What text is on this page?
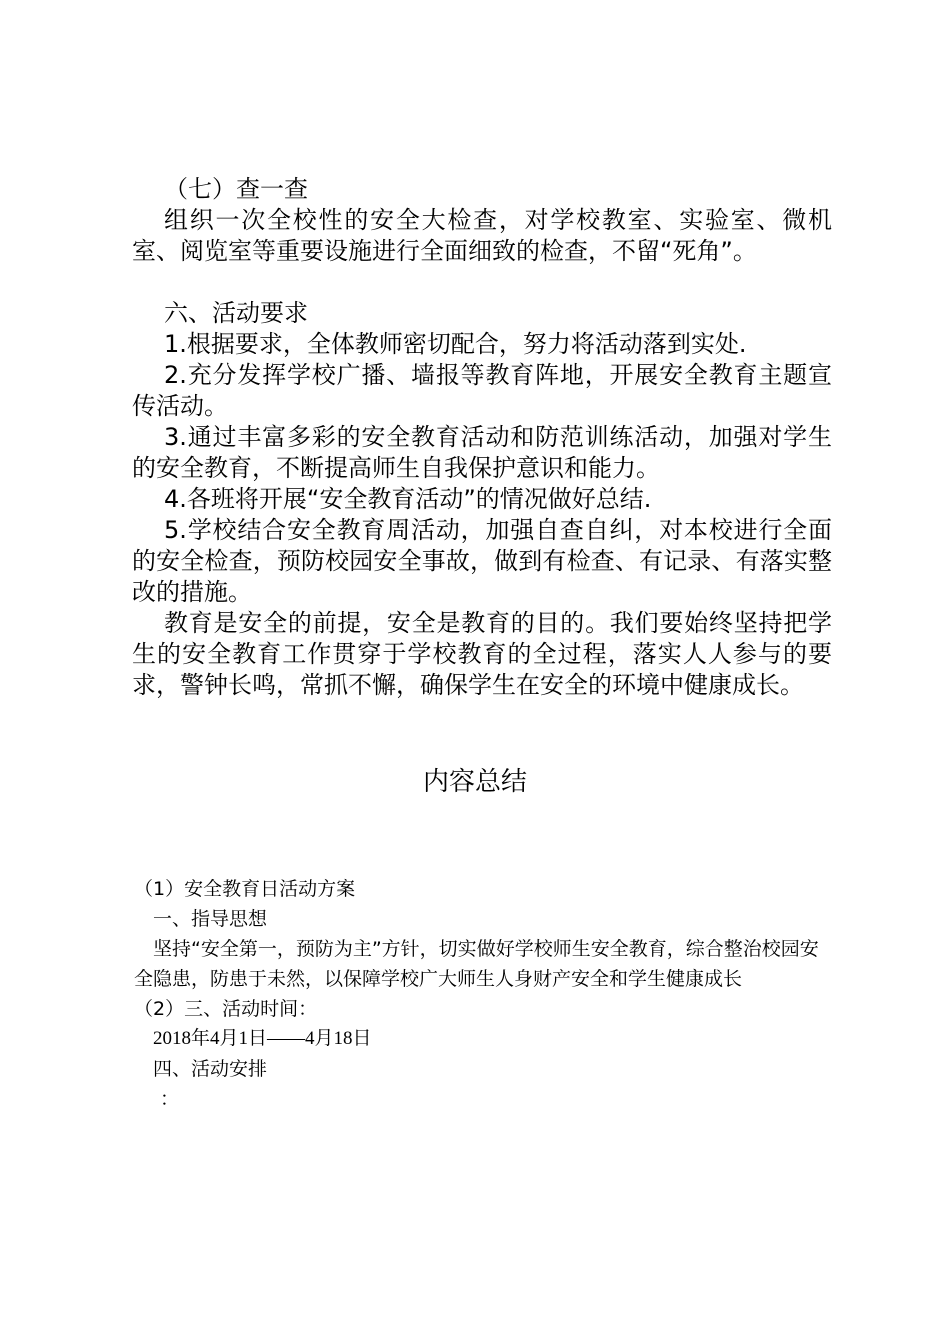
（七）查一查

组织一次全校性的安全大检查，对学校教室、实验室、微机室、阅览室等重要设施进行全面细致的检查，不留“死角”。

六、活动要求

1.根据要求，全体教师密切配合，努力将活动落到实处.

2.充分发挥学校广播、墙报等教育阵地，开展安全教育主题宣传活动。

3.通过丰富多彩的安全教育活动和防范训练活动，加强对学生的安全教育，不断提高师生自我保护意识和能力。

4.各班将开展“安全教育活动”的情况做好总结.

5.学校结合安全教育周活动，加强自查自纠，对本校进行全面的安全检查，预防校园安全事故，做到有检查、有记录、有落实整改的措施。

教育是安全的前提，安全是教育的目的。我们要始终坚持把学生的安全教育工作贯穿于学校教育的全过程，落实人人参与的要求，警钟长鸣，常抓不懈，确保学生在安全的环境中健康成长。

内容总结

（1）安全教育日活动方案

一、指导思想

坚持“安全第一，预防为主”方针，切实做好学校师生安全教育，综合整治校园安全隐患，防患于未然，以保障学校广大师生人身财产安全和学生健康成长

（2）三、活动时间：

2018年4月1日——4月18日

四、活动安排

：
